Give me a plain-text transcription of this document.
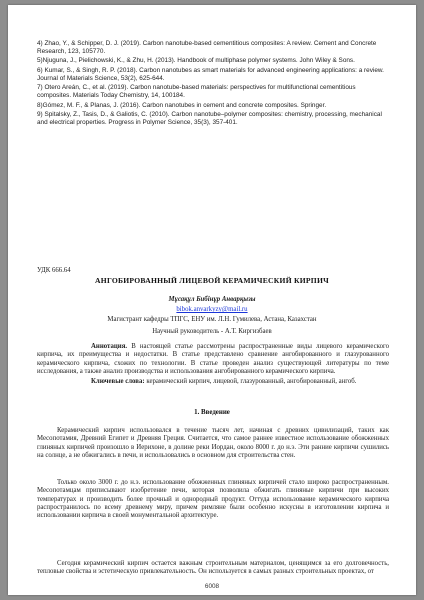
4) Zhao, Y., & Schipper, D. J. (2019). Carbon nanotube-based cementitious composites: A review. Cement and Concrete Research, 123, 105770.
5)Njuguna, J., Pielichowski, K., & Zhu, H. (2013). Handbook of multiphase polymer systems. John Wiley & Sons.
6) Kumar, S., & Singh, R. P. (2018). Carbon nanotubes as smart materials for advanced engineering applications: a review. Journal of Materials Science, 53(2), 625-644.
7) Otero Areán, C., et al. (2019). Carbon nanotube-based materials: perspectives for multifunctional cementitious composites. Materials Today Chemistry, 14, 100184.
8)Gómez, M. F., & Planas, J. (2016). Carbon nanotubes in cement and concrete composites. Springer.
9) Spitalsky, Z., Tasis, D., & Galiotis, C. (2010). Carbon nanotube–polymer composites: chemistry, processing, mechanical and electrical properties. Progress in Polymer Science, 35(3), 357-401.
УДК 666.64
АНГОБИРОВАННЫЙ ЛИЦЕВОЙ КЕРАМИЧЕСКИЙ КИРПИЧ
Мұсақұл Бибінұр Анварқызы
bibok.anvarkyzy@mail.ru
Магистрант кафедры ТПГС, ЕНУ им. Л.Н. Гумилева, Астана, Казахстан
Научный руководитель - А.Т. Киргизбаев

Аннотация. В настоящей статье рассмотрены распространенные виды лицевого керамического кирпича, их преимущества и недостатки. В статье представлено сравнение ангобированного и глазурованного керамического кирпича, схожих по технологии. В статье проведен анализ существующей литературы по теме исследования, а также анализ производства и использования ангобированного керамического кирпича.

Ключевые слова: керамический кирпич, лицевой, глазурованный, ангобированный, ангоб.

1. Введение

Керамический кирпич использовался в течение тысяч лет, начиная с древних цивилизаций, таких как Месопотамия, Древний Египет и Древняя Греция. Считается, что самое раннее известное использование обожженных глиняных кирпичей произошло в Иерихоне, в долине реки Иордан, около 8000 г. до н.э. Эти ранние кирпичи сушились на солнце, а не обжигались в печи, и использовались в основном для строительства стен.

Только около 3000 г. до н.э. использование обожженных глиняных кирпичей стало широко распространенным. Месопотамцам приписывают изобретение печи, которая позволила обжигать глиняные кирпичи при высоких температурах и производить более прочный и однородный продукт. Оттуда использование керамического кирпича распространилось по всему древнему миру, причем римляне были особенно искусны в изготовлении кирпича и использовании кирпича в своей монументальной архитектуре.

Сегодня керамический кирпич остается важным строительным материалом, ценящимся за его долговечность, тепловые свойства и эстетическую привлекательность. Он используется в самых разных строительных проектах, от

6008
